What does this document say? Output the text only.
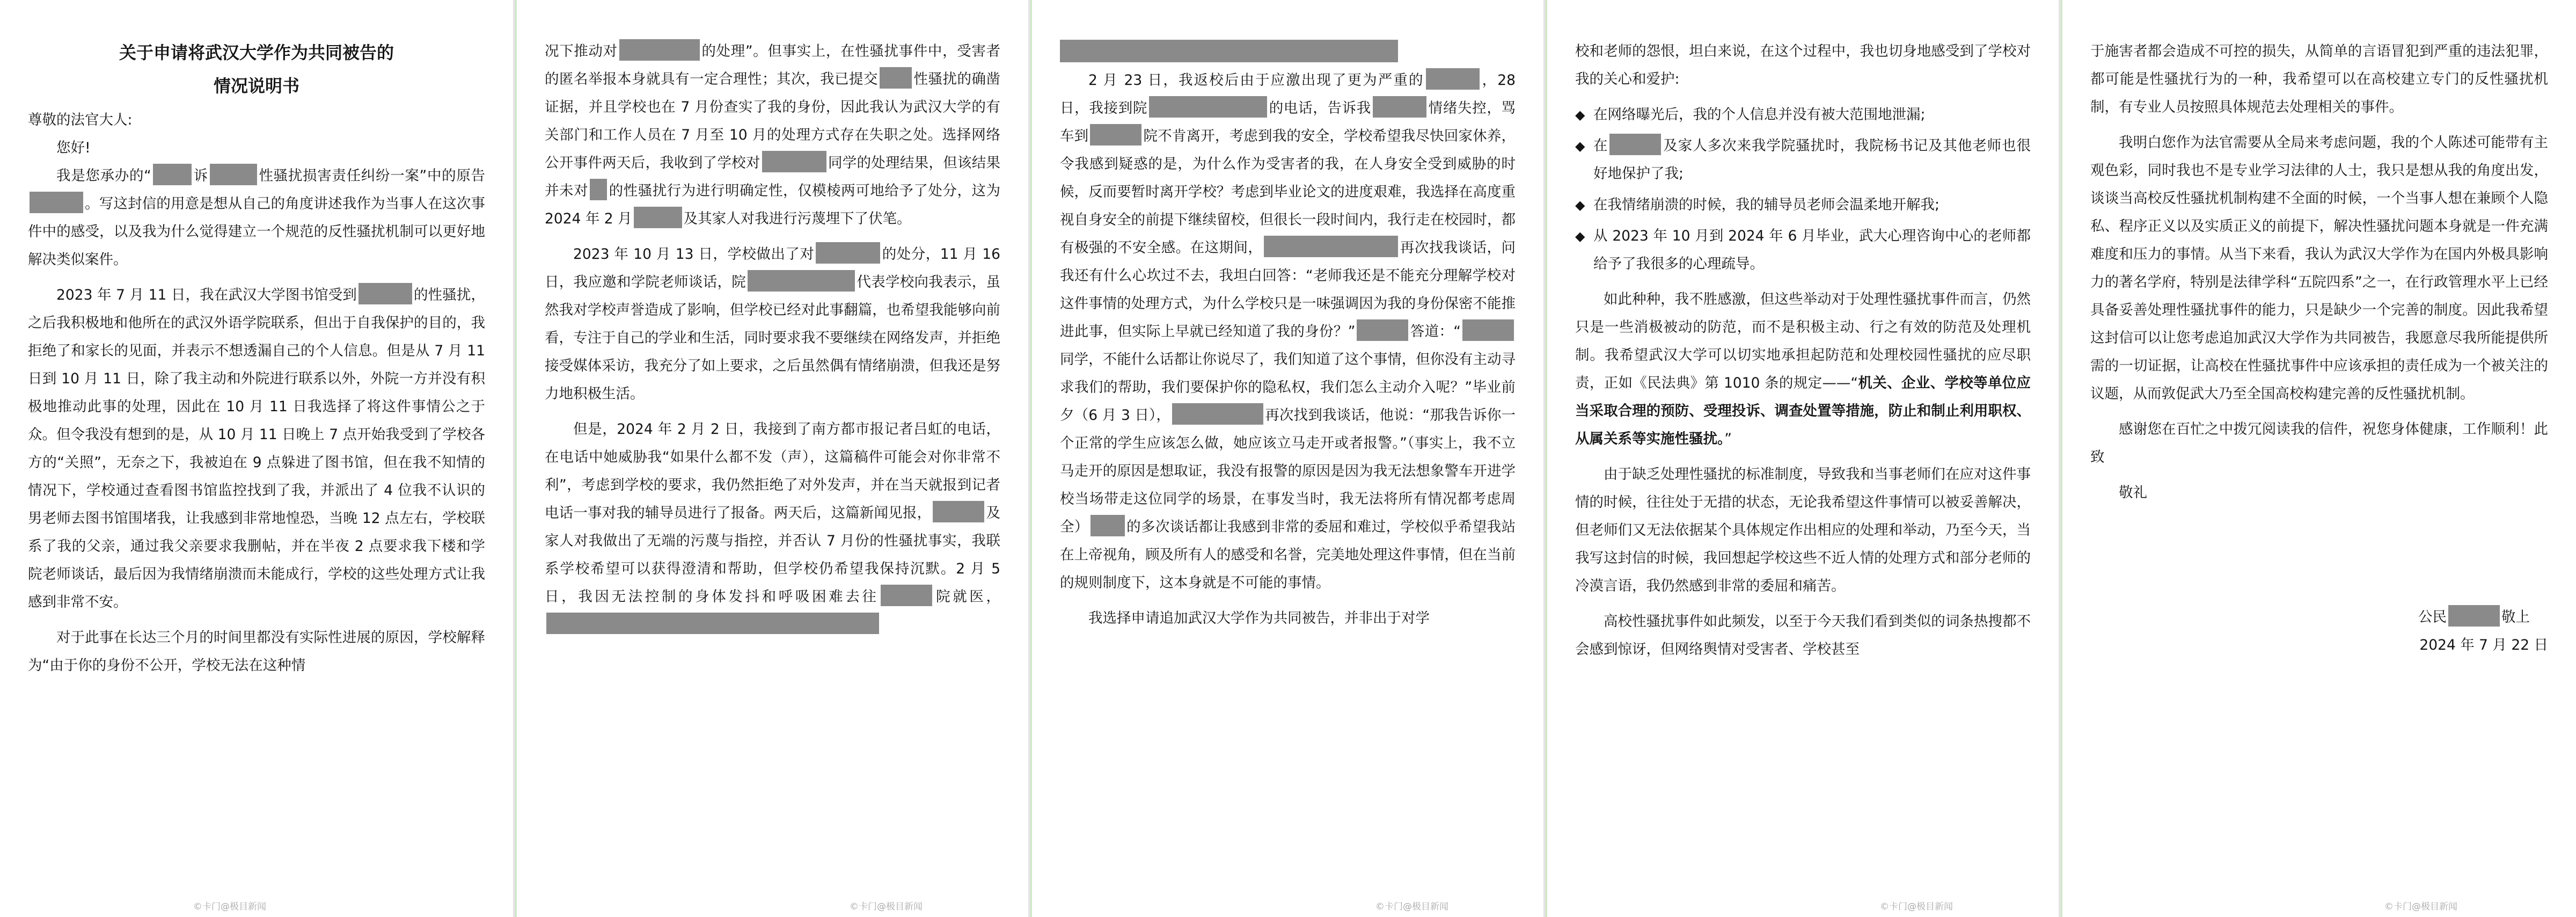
关于申请将武汉大学作为共同被告的
情况说明书
尊敬的法官大人:
您好!
我是您承办的“	诉	性骚扰损害责任纠纷一案”中的原告。写这封信的用意是想从自己的角度讲述我作为当事人在这次事件中的感受，以及我为什么觉得建立一个规范的反性骚扰机制可以更好地解决类似案件。
2023 年 7 月 11 日，我在武汉大学图书馆受到	的性骚扰，之后我积极地和他所在的武汉外语学院联系，但出于自我保护的目的，我拒绝了和家长的见面，并表示不想透漏自己的个人信息。但是从 7 月 11 日到 10 月 11 日，除了我主动和外院进行联系以外，外院一方并没有积极地推动此事的处理，因此在 10 月 11 日我选择了将这件事情公之于众。但令我没有想到的是，从 10 月 11 日晚上 7 点开始我受到了学校各方的“关照”，无奈之下，我被迫在 9 点躲进了图书馆，但在我不知情的情况下，学校通过查看图书馆监控找到了我，并派出了 4 位我不认识的男老师去图书馆围堵我，让我感到非常地惶恐，当晚 12 点左右，学校联系了我的父亲，通过我父亲要求我删帖，并在半夜 2 点要求我下楼和学院老师谈话，最后因为我情绪崩溃而未能成行，学校的这些处理方式让我感到非常不安。
对于此事在长达三个月的时间里都没有实际性进展的原因，学校解释为“由于你的身份不公开，学校无法在这种情
©卡门@极目新闻
况下推动对	的处理”。但事实上，在性骚扰事件中，受害者的匿名举报本身就具有一定合理性；其次，我已提交 性骚扰的确凿证据，并且学校也在 7 月份查实了我的身份，因此我认为武汉大学的有关部门和工作人员在 7 月至 10 月的处理方式存在失职之处。选择网络公开事件两天后，我收到了学校对	同学的处理结果，但该结果并未对 的性骚扰行为进行明确定性，仅模棱两可地给予了处分，这为 2024 年 2 月	及其家人对我进行污蔑埋下了伏笔。
2023 年 10 月 13 日，学校做出了对	的处分，11 月 16 日，我应邀和学院老师谈话，院	代表学校向我表示，虽然我对学校声誉造成了影响，但学校已经对此事翻篇，也希望我能够向前看，专注于自己的学业和生活，同时要求我不要继续在网络发声，并拒绝接受媒体采访，我充分了如上要求，之后虽然偶有情绪崩溃，但我还是努力地积极生活。
但是，2024 年 2 月 2 日，我接到了南方都市报记者吕虹的电话，在电话中她威胁我“如果什么都不发（声），这篇稿件可能会对你非常不利”，考虑到学校的要求，我仍然拒绝了对外发声，并在当天就报到记者电话一事对我的辅导员进行了报备。两天后，这篇新闻见报，	及家人对我做出了无端的污蔑与指控，并否认 7 月份的性骚扰事实，我联系学校希望可以获得澄清和帮助，但学校仍希望我保持沉默。2 月 5 日，我因无法控制的身体发抖和呼吸困难去往	院就医，
©卡门@极目新闻
2 月 23 日，我返校后由于应激出现了更为严重的	，28 日，我接到院	的电话，告诉我	情绪失控，骂车到	院不肯离开，考虑到我的安全，学校希望我尽快回家休养，令我感到疑惑的是，为什么作为受害者的我，在人身安全受到威胁的时候，反而要暂时离开学校？考虑到毕业论文的进度艰难，我选择在高度重视自身安全的前提下继续留校，但很长一段时间内，我行走在校园时，都有极强的不安全感。在这期间，	再次找我谈话，问我还有什么心坎过不去，我坦白回答：“老师我还是不能充分理解学校对这件事情的处理方式，为什么学校只是一味强调因为我的身份保密不能推进此事，但实际上早就已经知道了我的身份？”	答道：“同学，不能什么话都让你说尽了，我们知道了这个事情，但你没有主动寻求我们的帮助，我们要保护你的隐私权，我们怎么主动介入呢？”毕业前夕（6 月 3 日），	再次找到我谈话，他说：“那我告诉你一个正常的学生应该怎么做，她应该立马走开或者报警。”（事实上，我不立马走开的原因是想取证，我没有报警的原因是因为我无法想象警车开进学校当场带走这位同学的场景，在事发当时，我无法将所有情况都考虑周全）	的多次谈话都让我感到非常的委屈和难过，学校似乎希望我站在上帝视角，顾及所有人的感受和名誉，完美地处理这件事情，但在当前的规则制度下，这本身就是不可能的事情。
我选择申请追加武汉大学作为共同被告，并非出于对学
©卡门@极目新闻
校和老师的怨恨，坦白来说，在这个过程中，我也切身地感受到了学校对我的关心和爱护:
◆ 在网络曝光后，我的个人信息并没有被大范围地泄漏;
◆ 在	及家人多次来我学院骚扰时，我院杨书记及其他老师也很好地保护了我;
◆ 在我情绪崩溃的时候，我的辅导员老师会温柔地开解我;
◆ 从 2023 年 10 月到 2024 年 6 月毕业，武大心理咨询中心的老师都给予了我很多的心理疏导。
如此种种，我不胜感激，但这些举动对于处理性骚扰事件而言，仍然只是一些消极被动的防范，而不是积极主动、行之有效的防范及处理机制。我希望武汉大学可以切实地承担起防范和处理校园性骚扰的应尽职责，正如《民法典》第 1010 条的规定——“机关、企业、学校等单位应当采取合理的预防、受理投诉、调查处置等措施，防止和制止利用职权、从属关系等实施性骚扰。”
由于缺乏处理性骚扰的标准制度，导致我和当事老师们在应对这件事情的时候，往往处于无措的状态，无论我希望这件事情可以被妥善解决，但老师们又无法依据某个具体规定作出相应的处理和举动，乃至今天，当我写这封信的时候，我回想起学校这些不近人情的处理方式和部分老师的冷漠言语，我仍然感到非常的委屈和痛苦。
高校性骚扰事件如此频发，以至于今天我们看到类似的词条热搜都不会感到惊讶，但网络舆情对受害者、学校甚至
©卡门@极目新闻
于施害者都会造成不可控的损失，从简单的言语冒犯到严重的违法犯罪，都可能是性骚扰行为的一种，我希望可以在高校建立专门的反性骚扰机制，有专业人员按照具体规范去处理相关的事件。
我明白您作为法官需要从全局来考虑问题，我的个人陈述可能带有主观色彩，同时我也不是专业学习法律的人士，我只是想从我的角度出发，谈谈当高校反性骚扰机制构建不全面的时候，一个当事人想在兼顾个人隐私、程序正义以及实质正义的前提下，解决性骚扰问题本身就是一件充满难度和压力的事情。从当下来看，我认为武汉大学作为在国内外极具影响力的著名学府，特别是法律学科“五院四系”之一，在行政管理水平上已经具备妥善处理性骚扰事件的能力，只是缺少一个完善的制度。因此我希望这封信可以让您考虑追加武汉大学作为共同被告，我愿意尽我所能提供所需的一切证据，让高校在性骚扰事件中应该承担的责任成为一个被关注的议题，从而敦促武大乃至全国高校构建完善的反性骚扰机制。
感谢您在百忙之中拨冗阅读我的信件，祝您身体健康，工作顺利！此致
敬礼
公民	敬上
2024 年 7 月 22 日
©卡门@极目新闻
